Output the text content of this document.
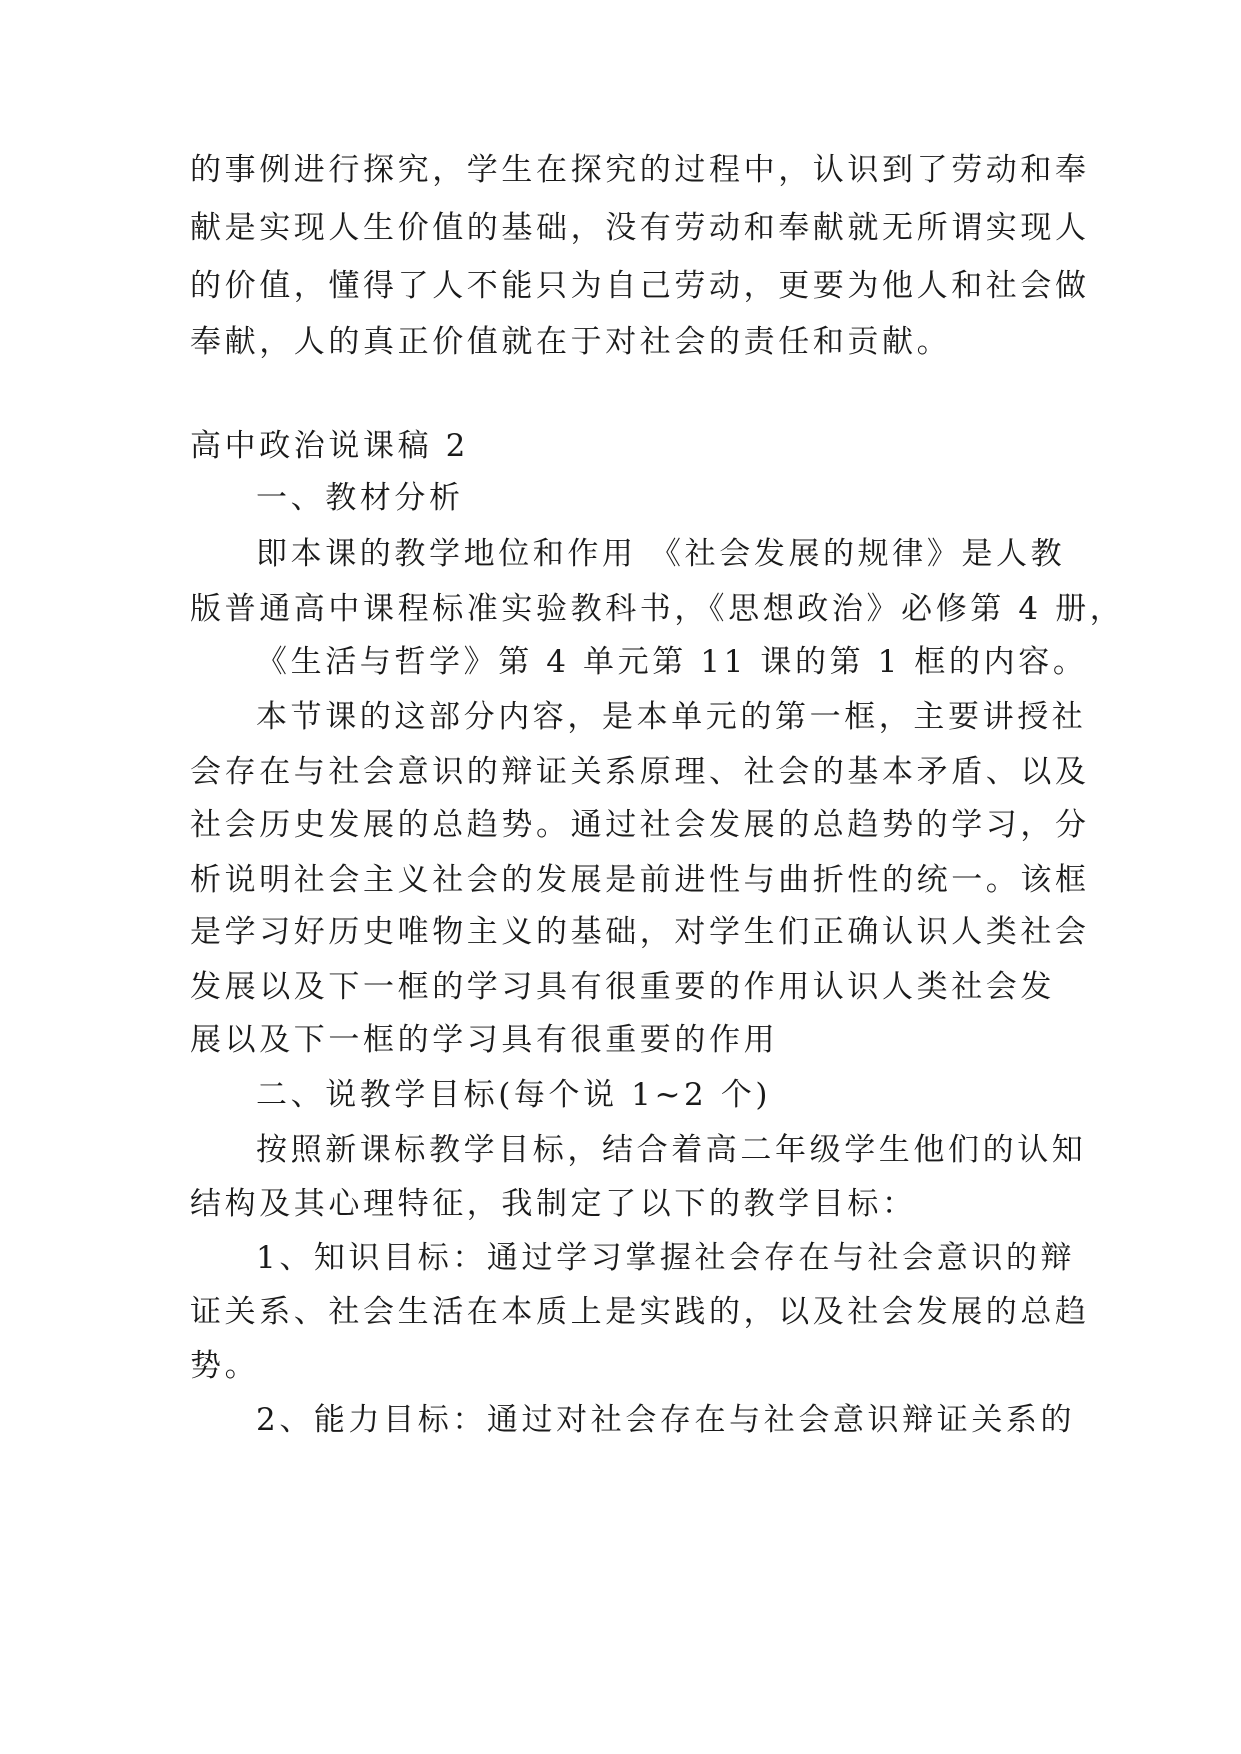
的事例进行探究，学生在探究的过程中，认识到了劳动和奉
献是实现人生价值的基础，没有劳动和奉献就无所谓实现人
的价值，懂得了人不能只为自己劳动，更要为他人和社会做
奉献，人的真正价值就在于对社会的责任和贡献。
高中政治说课稿 2
一、教材分析
即本课的教学地位和作用 《社会发展的规律》是人教
版普通高中课程标准实验教科书，《思想政治》必修第 4 册，
《生活与哲学》第 4 单元第 11 课的第 1 框的内容。
本节课的这部分内容，是本单元的第一框，主要讲授社
会存在与社会意识的辩证关系原理、社会的基本矛盾、以及
社会历史发展的总趋势。通过社会发展的总趋势的学习，分
析说明社会主义社会的发展是前进性与曲折性的统一。该框
是学习好历史唯物主义的基础，对学生们正确认识人类社会
发展以及下一框的学习具有很重要的作用认识人类社会发
展以及下一框的学习具有很重要的作用
二、说教学目标(每个说 1~2 个)
按照新课标教学目标，结合着高二年级学生他们的认知
结构及其心理特征，我制定了以下的教学目标：
1、知识目标：通过学习掌握社会存在与社会意识的辩
证关系、社会生活在本质上是实践的，以及社会发展的总趋
势。
2、能力目标：通过对社会存在与社会意识辩证关系的
